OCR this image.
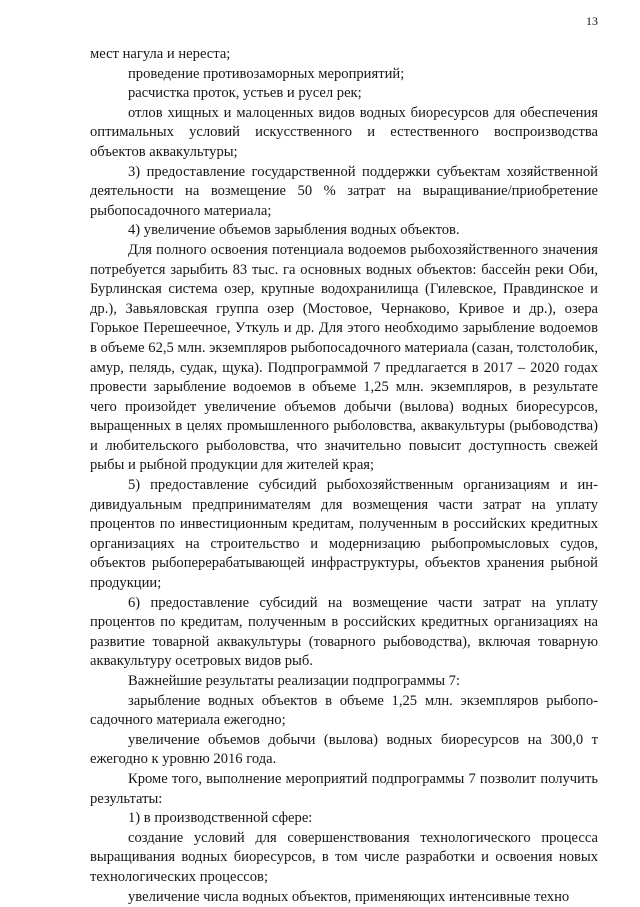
13

мест нагула и нереста;

проведение противозаморных мероприятий;

расчистка проток, устьев и русел рек;

отлов хищных и малоценных видов водных биоресурсов для обеспечения оптимальных условий искусственного и естественного воспроизводства объектов аквакультуры;

3) предоставление государственной поддержки субъектам хозяйственной деятельности на возмещение 50 % затрат на выращивание/приобретение рыбопосадочного материала;

4) увеличение объемов зарыбления водных объектов.

Для полного освоения потенциала водоемов рыбохозяйственного значения потребуется зарыбить 83 тыс. га основных водных объектов: бассейн реки Оби, Бурлинская система озер, крупные водохранилища (Гилевское, Правдинское и др.), Завьяловская группа озер (Мостовое, Чернаково, Кривое и др.), озера Горькое Перешеечное, Уткуль и др. Для этого необходимо зарыбление водоемов в объеме 62,5 млн. экземпляров рыбопосадочного материала (сазан, толстолобик, амур, пелядь, судак, щука). Подпрограммой 7 предлагается в 2017 – 2020 годах провести зарыбление водоемов в объеме 1,25 млн. экземпляров, в результате чего произойдет увеличение объемов добычи (вылова) водных биоресурсов, выращенных в целях промышленного рыболовства, аквакультуры (рыбоводства) и любительского рыболовства, что значительно повысит доступность свежей рыбы и рыбной продукции для жителей края;

5) предоставление субсидий рыбохозяйственным организациям и индивидуальным предпринимателям для возмещения части затрат на уплату процентов по инвестиционным кредитам, полученным в российских кредитных организациях на строительство и модернизацию рыбопромысловых судов, объектов рыбоперерабатывающей инфраструктуры, объектов хранения рыбной продукции;

6) предоставление субсидий на возмещение части затрат на уплату процентов по кредитам, полученным в российских кредитных организациях на развитие товарной аквакультуры (товарного рыбоводства), включая товарную аквакультуру осетровых видов рыб.

Важнейшие результаты реализации подпрограммы 7:

зарыбление водных объектов в объеме 1,25 млн. экземпляров рыбопосадочного материала ежегодно;

увеличение объемов добычи (вылова) водных биоресурсов на 300,0 т ежегодно к уровню 2016 года.

Кроме того, выполнение мероприятий подпрограммы 7 позволит получить результаты:

1) в производственной сфере:

создание условий для совершенствования технологического процесса выращивания водных биоресурсов, в том числе разработки и освоения новых технологических процессов;

увеличение числа водных объектов, применяющих интенсивные техно
